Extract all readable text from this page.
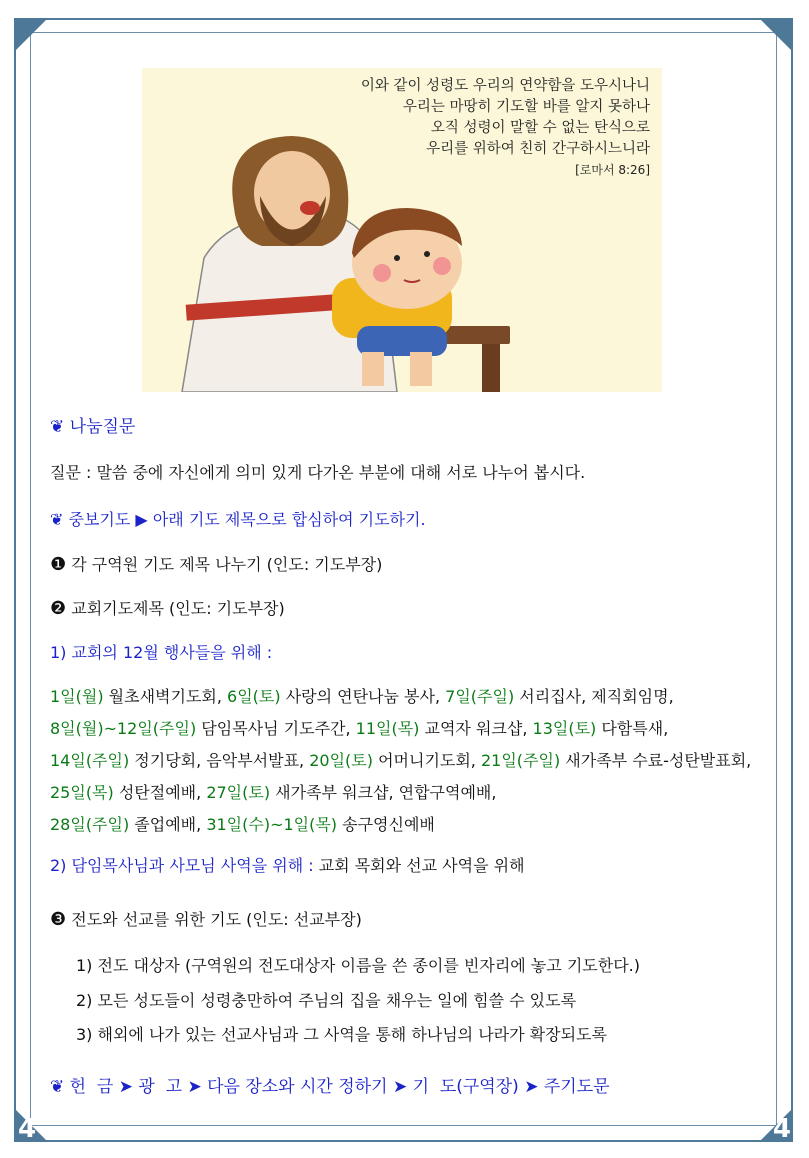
4	4
이와 같이 성령도 우리의 연약함을 도우시나니
우리는 마땅히 기도할 바를 알지 못하나
오직 성령이 말할 수 없는 탄식으로
우리를 위하여 친히 간구하시느니라
[로마서 8:26]
❦ 나눔질문
질문 : 말씀 중에 자신에게 의미 있게 다가온 부분에 대해 서로 나누어 봅시다.
❦ 중보기도 ▶ 아래 기도 제목으로 합심하여 기도하기.
❶ 각 구역원 기도 제목 나누기 (인도: 기도부장)
❷ 교회기도제목 (인도: 기도부장)
1) 교회의 12월 행사들을 위해 :
1일(월) 월초새벽기도회, 6일(토) 사랑의 연탄나눔 봉사, 7일(주일) 서리집사, 제직회임명,
8일(월)~12일(주일) 담임목사님 기도주간, 11일(목) 교역자 워크샵, 13일(토) 다함특새,
14일(주일) 정기당회, 음악부서발표, 20일(토) 어머니기도회, 21일(주일) 새가족부 수료-성탄발표회,
25일(목) 성탄절예배, 27일(토) 새가족부 워크샵, 연합구역예배,
28일(주일) 졸업예배, 31일(수)~1일(목) 송구영신예배
2) 담임목사님과 사모님 사역을 위해 : 교회 목회와 선교 사역을 위해
❸ 전도와 선교를 위한 기도 (인도: 선교부장)
1) 전도 대상자 (구역원의 전도대상자 이름을 쓴 종이를 빈자리에 놓고 기도한다.)
2) 모든 성도들이 성령충만하여 주님의 집을 채우는 일에 힘쓸 수 있도록
3) 해외에 나가 있는 선교사님과 그 사역을 통해 하나님의 나라가 확장되도록
❦ 헌  금 ➤ 광  고 ➤ 다음 장소와 시간 정하기 ➤ 기  도(구역장) ➤ 주기도문
